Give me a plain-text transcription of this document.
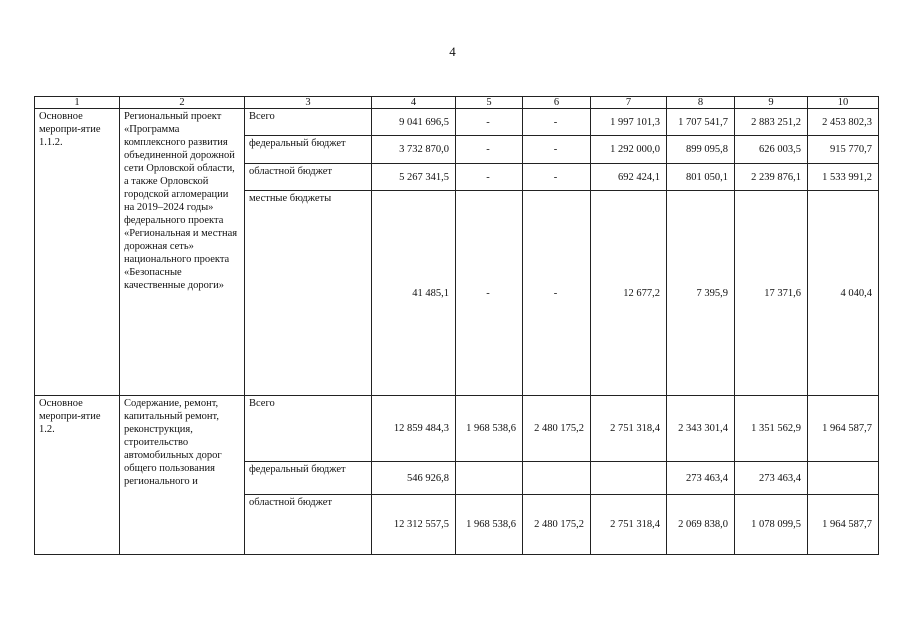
4
1	2	3	4	5	6	7	8	9	10
Основное меропри-ятие 1.1.2.	Региональный проект «Программа комплексного развития объединенной дорожной сети Орловской области, а также Орловской городской агломерации на 2019–2024 годы» федерального проекта «Региональная и местная дорожная сеть» национального проекта «Безопасные качественные дороги»	Всего	9 041 696,5	-	-	1 997 101,3	1 707 541,7	2 883 251,2	2 453 802,3
		федеральный бюджет	3 732 870,0	-	-	1 292 000,0	899 095,8	626 003,5	915 770,7
		областной бюджет	5 267 341,5	-	-	692 424,1	801 050,1	2 239 876,1	1 533 991,2
		местные бюджеты	41 485,1	-	-	12 677,2	7 395,9	17 371,6	4 040,4
Основное меропри-ятие 1.2.	Содержание, ремонт, капитальный ремонт, реконструкция, строительство автомобильных дорог общего пользования регионального и	Всего	12 859 484,3	1 968 538,6	2 480 175,2	2 751 318,4	2 343 301,4	1 351 562,9	1 964 587,7
		федеральный бюджет	546 926,8				273 463,4	273 463,4	
		областной бюджет	12 312 557,5	1 968 538,6	2 480 175,2	2 751 318,4	2 069 838,0	1 078 099,5	1 964 587,7
